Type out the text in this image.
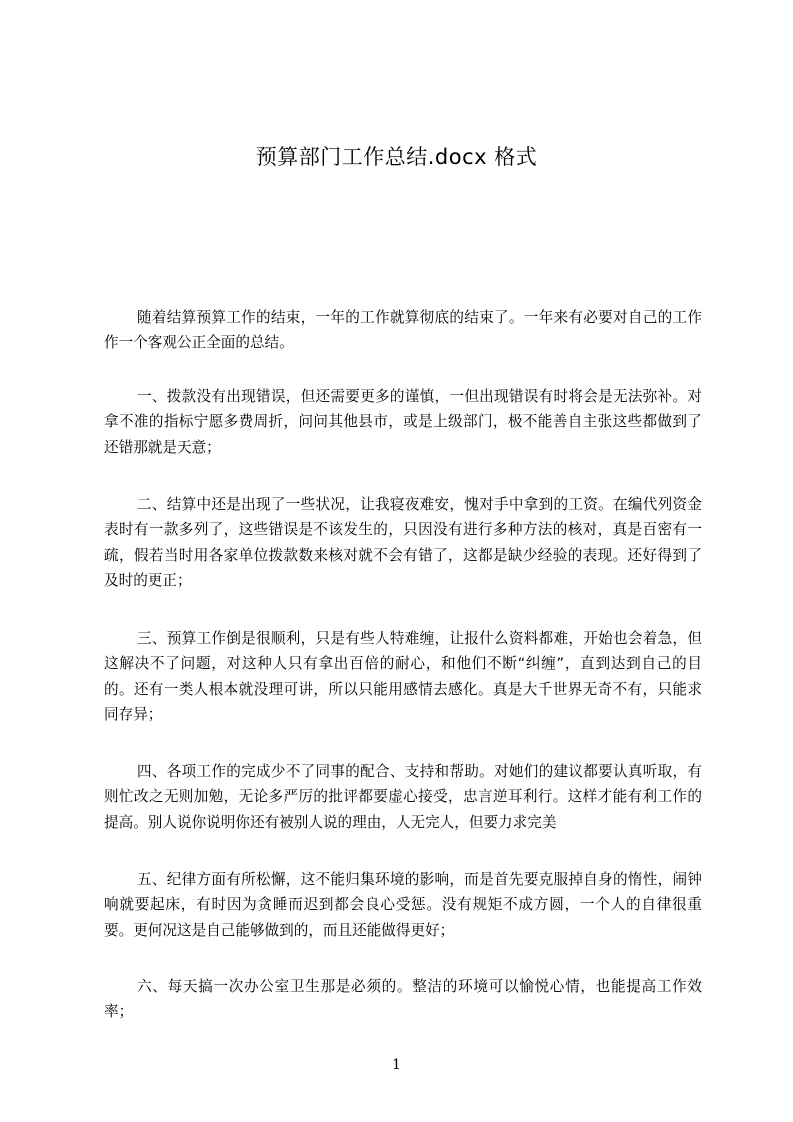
预算部门工作总结.docx 格式

随着结算预算工作的结束，一年的工作就算彻底的结束了。一年来有必要对自己的工作作一个客观公正全面的总结。

一、拨款没有出现错误，但还需要更多的谨慎，一但出现错误有时将会是无法弥补。对拿不准的指标宁愿多费周折，问问其他县市，或是上级部门，极不能善自主张这些都做到了还错那就是天意；

二、结算中还是出现了一些状况，让我寝夜难安，愧对手中拿到的工资。在编代列资金表时有一款多列了，这些错误是不该发生的，只因没有进行多种方法的核对，真是百密有一疏，假若当时用各家单位拨款数来核对就不会有错了，这都是缺少经验的表现。还好得到了及时的更正；

三、预算工作倒是很顺利，只是有些人特难缠，让报什么资料都难，开始也会着急，但这解决不了问题，对这种人只有拿出百倍的耐心，和他们不断“纠缠”，直到达到自己的目的。还有一类人根本就没理可讲，所以只能用感情去感化。真是大千世界无奇不有，只能求同存异；

四、各项工作的完成少不了同事的配合、支持和帮助。对她们的建议都要认真听取，有则忙改之无则加勉，无论多严厉的批评都要虚心接受，忠言逆耳利行。这样才能有利工作的提高。别人说你说明你还有被别人说的理由，人无完人，但要力求完美

五、纪律方面有所松懈，这不能归集环境的影响，而是首先要克服掉自身的惰性，闹钟响就要起床，有时因为贪睡而迟到都会良心受惩。没有规矩不成方圆，一个人的自律很重要。更何况这是自己能够做到的，而且还能做得更好；

六、每天搞一次办公室卫生那是必须的。整洁的环境可以愉悦心情，也能提高工作效率；

1
